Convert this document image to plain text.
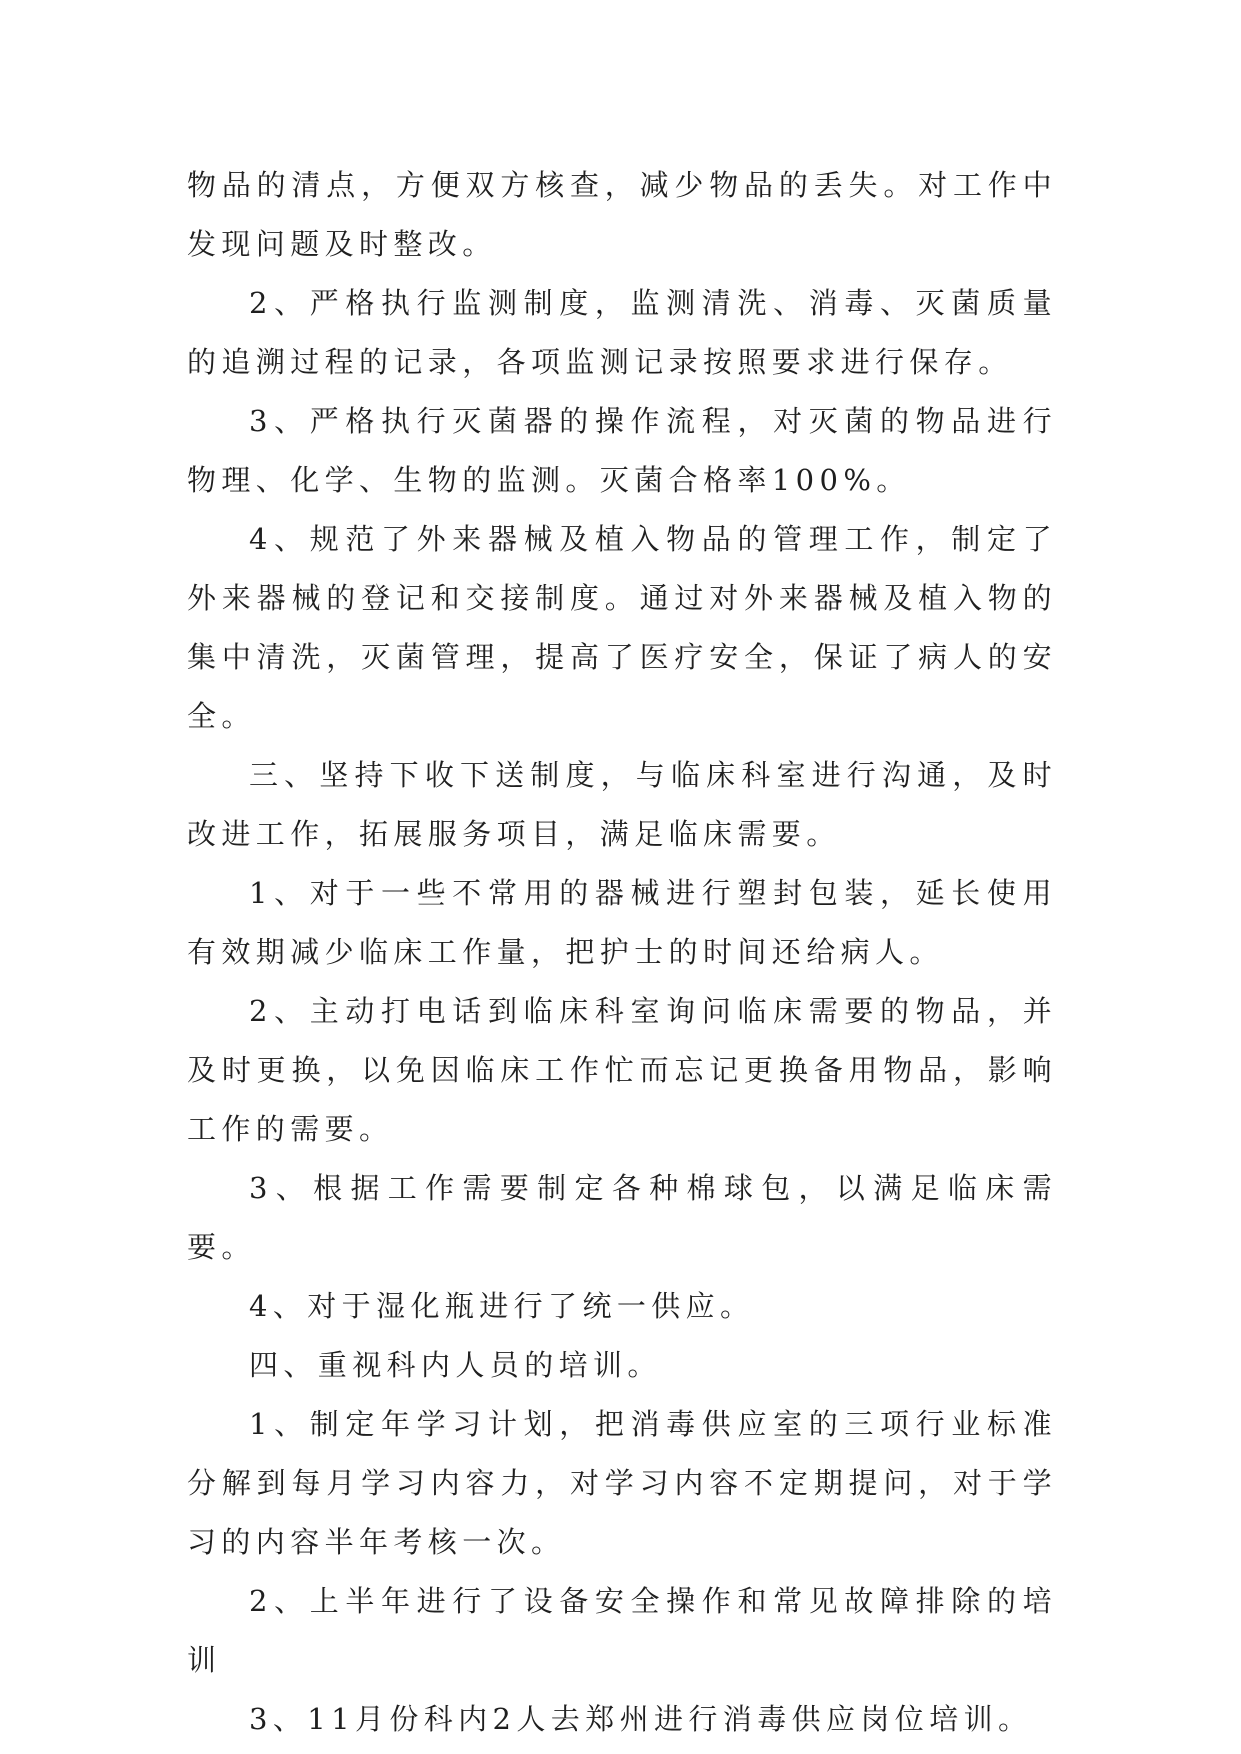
物品的清点，方便双方核查，减少物品的丢失。对工作中发现问题及时整改。

2、严格执行监测制度，监测清洗、消毒、灭菌质量的追溯过程的记录，各项监测记录按照要求进行保存。

3、严格执行灭菌器的操作流程，对灭菌的物品进行物理、化学、生物的监测。灭菌合格率100%。

4、规范了外来器械及植入物品的管理工作，制定了外来器械的登记和交接制度。通过对外来器械及植入物的集中清洗，灭菌管理，提高了医疗安全，保证了病人的安全。

三、坚持下收下送制度，与临床科室进行沟通，及时改进工作，拓展服务项目，满足临床需要。

1、对于一些不常用的器械进行塑封包装，延长使用有效期减少临床工作量，把护士的时间还给病人。

2、主动打电话到临床科室询问临床需要的物品，并及时更换，以免因临床工作忙而忘记更换备用物品，影响工作的需要。

3、根据工作需要制定各种棉球包，以满足临床需要。

4、对于湿化瓶进行了统一供应。

四、重视科内人员的培训。

1、制定年学习计划，把消毒供应室的三项行业标准分解到每月学习内容力，对学习内容不定期提问，对于学习的内容半年考核一次。

2、上半年进行了设备安全操作和常见故障排除的培训

3、11月份科内2人去郑州进行消毒供应岗位培训。
